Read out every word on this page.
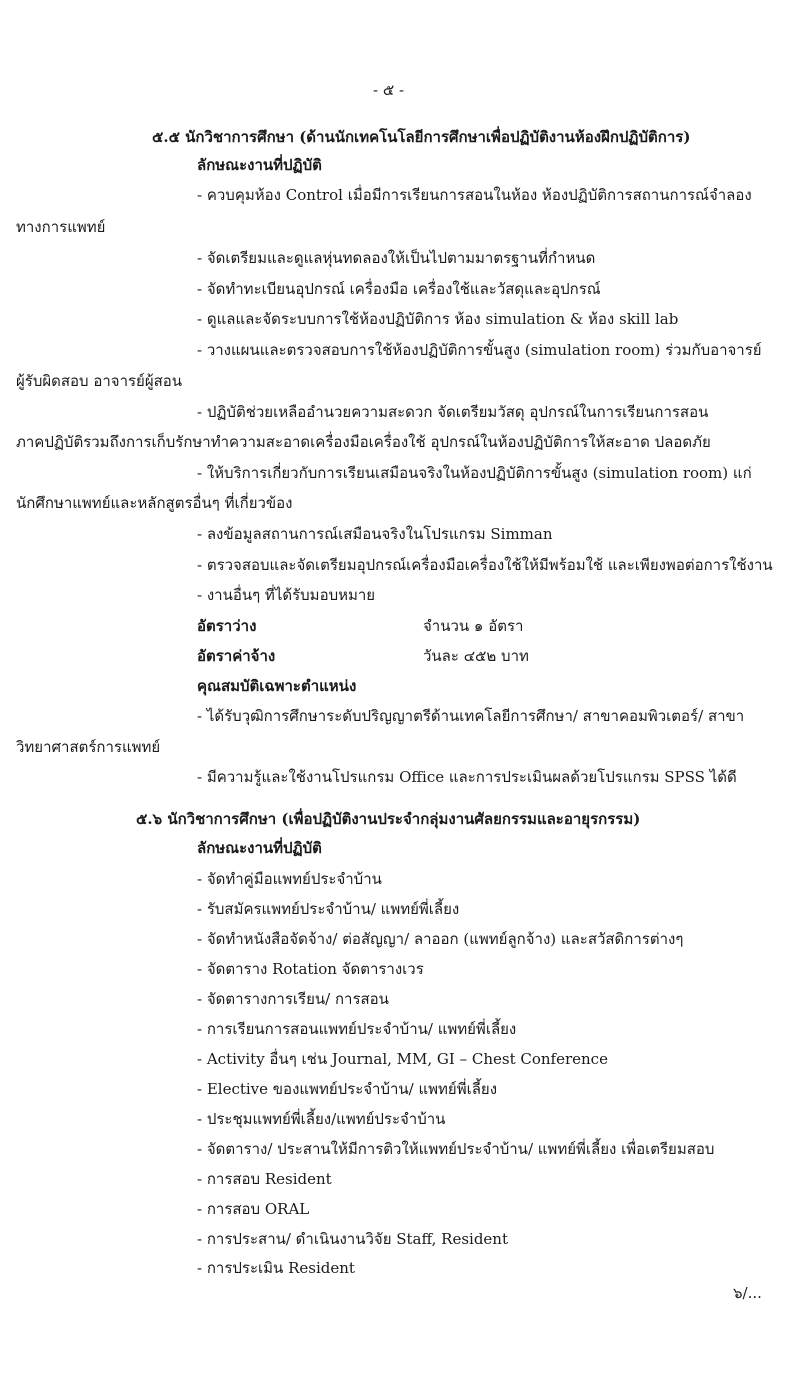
- ๕ -
๕.๕ นักวิชาการศึกษา (ด้านนักเทคโนโลยีการศึกษาเพื่อปฏิบัติงานห้องฝึกปฏิบัติการ)
ลักษณะงานที่ปฏิบัติ
- ควบคุมห้อง Control เมื่อมีการเรียนการสอนในห้อง ห้องปฏิบัติการสถานการณ์จำลอง
ทางการแพทย์
- จัดเตรียมและดูแลหุ่นทดลองให้เป็นไปตามมาตรฐานที่กำหนด
- จัดทำทะเบียนอุปกรณ์ เครื่องมือ เครื่องใช้และวัสดุและอุปกรณ์
- ดูแลและจัดระบบการใช้ห้องปฏิบัติการ ห้อง simulation & ห้อง skill lab
- วางแผนและตรวจสอบการใช้ห้องปฏิบัติการขั้นสูง (simulation room) ร่วมกับอาจารย์
ผู้รับผิดสอบ อาจารย์ผู้สอน
- ปฏิบัติช่วยเหลืออำนวยความสะดวก จัดเตรียมวัสดุ อุปกรณ์ในการเรียนการสอน
ภาคปฏิบัติรวมถึงการเก็บรักษาทำความสะอาดเครื่องมือเครื่องใช้ อุปกรณ์ในห้องปฏิบัติการให้สะอาด ปลอดภัย
- ให้บริการเกี่ยวกับการเรียนเสมือนจริงในห้องปฏิบัติการขั้นสูง (simulation room) แก่
นักศึกษาแพทย์และหลักสูตรอื่นๆ ที่เกี่ยวข้อง
- ลงข้อมูลสถานการณ์เสมือนจริงในโปรแกรม Simman
- ตรวจสอบและจัดเตรียมอุปกรณ์เครื่องมือเครื่องใช้ให้มีพร้อมใช้ และเพียงพอต่อการใช้งาน
- งานอื่นๆ ที่ได้รับมอบหมาย
อัตราว่าง	จำนวน ๑ อัตรา
อัตราค่าจ้าง	วันละ ๔๕๒ บาท
คุณสมบัติเฉพาะตำแหน่ง
- ได้รับวุฒิการศึกษาระดับปริญญาตรีด้านเทคโลยีการศึกษา/ สาขาคอมพิวเตอร์/ สาขา
วิทยาศาสตร์การแพทย์
- มีความรู้และใช้งานโปรแกรม Office และการประเมินผลด้วยโปรแกรม SPSS ได้ดี
๕.๖ นักวิชาการศึกษา (เพื่อปฏิบัติงานประจำกลุ่มงานศัลยกรรมและอายุรกรรม)
ลักษณะงานที่ปฏิบัติ
- จัดทำคู่มือแพทย์ประจำบ้าน
- รับสมัครแพทย์ประจำบ้าน/ แพทย์พี่เลี้ยง
- จัดทำหนังสือจัดจ้าง/ ต่อสัญญา/ ลาออก (แพทย์ลูกจ้าง) และสวัสดิการต่างๆ
- จัดตาราง Rotation จัดตารางเวร
- จัดตารางการเรียน/ การสอน
- การเรียนการสอนแพทย์ประจำบ้าน/ แพทย์พี่เลี้ยง
- Activity อื่นๆ เช่น Journal, MM, GI – Chest Conference
- Elective ของแพทย์ประจำบ้าน/ แพทย์พี่เลี้ยง
- ประชุมแพทย์พี่เลี้ยง/แพทย์ประจำบ้าน
- จัดตาราง/ ประสานให้มีการติวให้แพทย์ประจำบ้าน/ แพทย์พี่เลี้ยง เพื่อเตรียมสอบ
- การสอบ Resident
- การสอบ ORAL
- การประสาน/ ดำเนินงานวิจัย Staff, Resident
- การประเมิน Resident
๖/...
